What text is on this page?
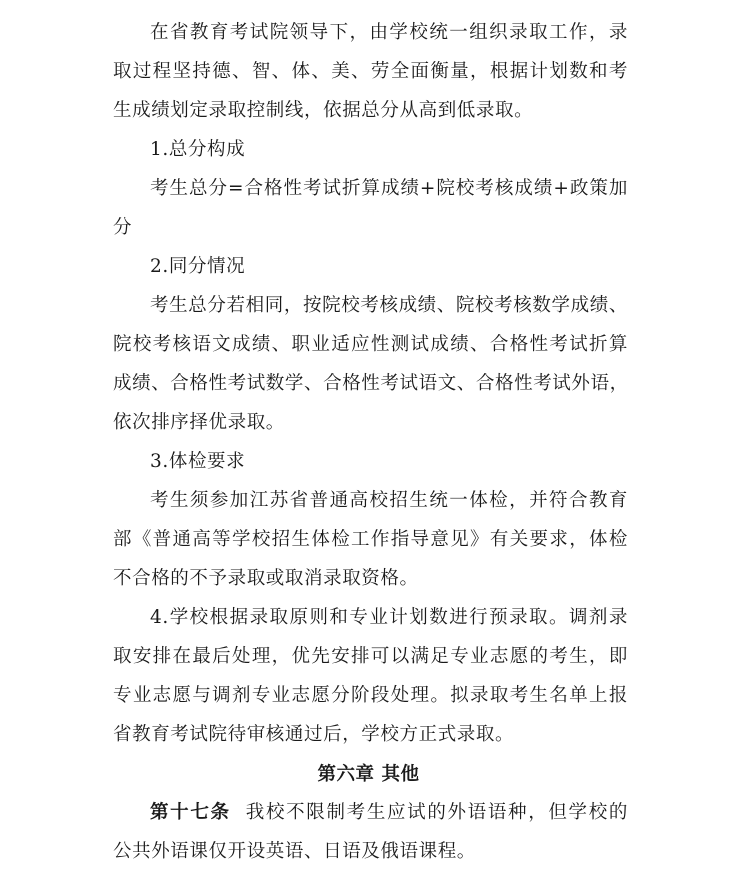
在省教育考试院领导下，由学校统一组织录取工作，录
取过程坚持德、智、体、美、劳全面衡量，根据计划数和考
生成绩划定录取控制线，依据总分从高到低录取。
1.总分构成
考生总分=合格性考试折算成绩+院校考核成绩+政策加
分
2.同分情况
考生总分若相同，按院校考核成绩、院校考核数学成绩、
院校考核语文成绩、职业适应性测试成绩、合格性考试折算
成绩、合格性考试数学、合格性考试语文、合格性考试外语，
依次排序择优录取。
3.体检要求
考生须参加江苏省普通高校招生统一体检，并符合教育
部《普通高等学校招生体检工作指导意见》有关要求，体检
不合格的不予录取或取消录取资格。
4.学校根据录取原则和专业计划数进行预录取。调剂录
取安排在最后处理，优先安排可以满足专业志愿的考生，即
专业志愿与调剂专业志愿分阶段处理。拟录取考生名单上报
省教育考试院待审核通过后，学校方正式录取。
第六章 其他
第十七条 我校不限制考生应试的外语语种，但学校的
公共外语课仅开设英语、日语及俄语课程。
